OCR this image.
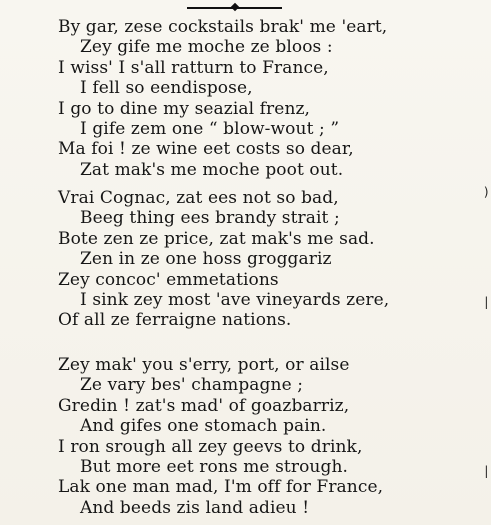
By gar, zese cockstails brak' me 'eart,
Zey gife me moche ze bloos :
I wiss' I s'all ratturn to France,
I fell so eendispose,
I go to dine my seazial frenz,
I gife zem one “ blow-wout ; ”
Ma foi ! ze wine eet costs so dear,
Zat mak's me moche poot out.
Vrai Cognac, zat ees not so bad,
Beeg thing ees brandy strait ;
Bote zen ze price, zat mak's me sad.
Zen in ze one hoss groggariz
Zey concoc' emmetations
I sink zey most 'ave vineyards zere,
Of all ze ferraigne nations.
Zey mak' you s'erry, port, or ailse
Ze vary bes' champagne ;
Gredin ! zat's mad' of goazbarriz,
And gifes one stomach pain.
I ron srough all zey geevs to drink,
But more eet rons me strough.
Lak one man mad, I'm off for France,
And beeds zis land adieu !
)
|
|
